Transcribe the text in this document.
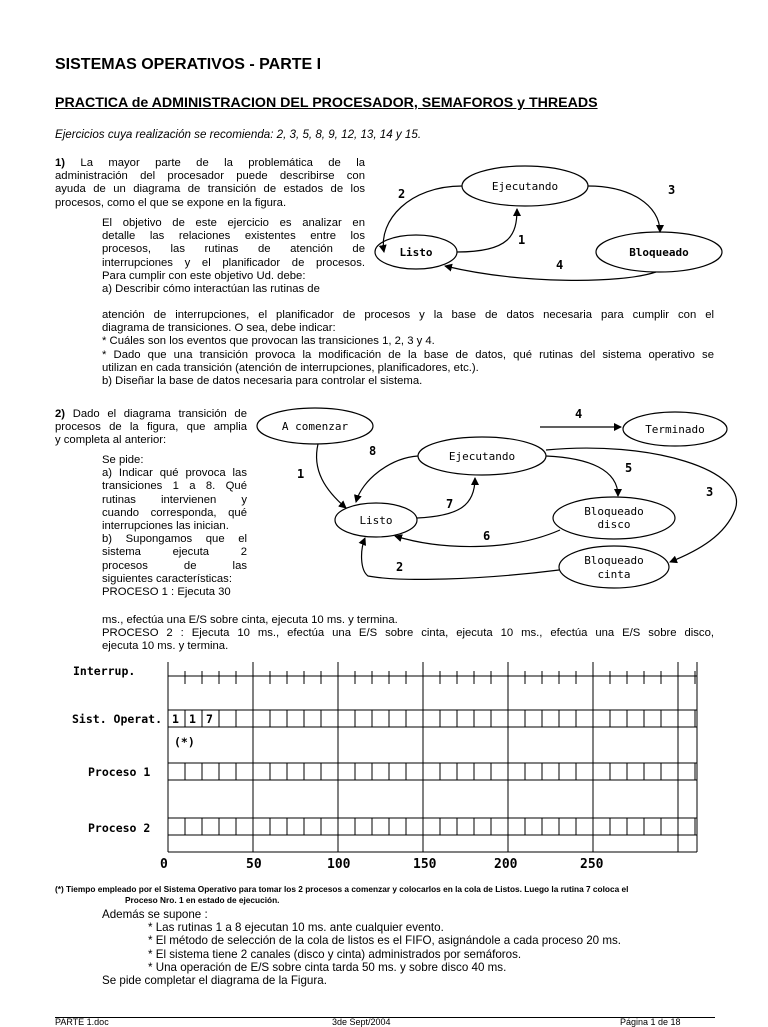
SISTEMAS OPERATIVOS - PARTE I
PRACTICA de ADMINISTRACION DEL PROCESADOR, SEMAFOROS y THREADS
Ejercicios cuya realización se recomienda: 2, 3, 5, 8, 9, 12, 13, 14 y 15.
1) La mayor parte de la problemática de la
administración del procesador puede describirse con
ayuda de un diagrama de transición de estados de los
procesos, como el que se expone en la figura.
El objetivo de este ejercicio es analizar en
detalle las relaciones existentes entre los
procesos, las rutinas de atención de
interrupciones y el planificador de procesos.
Para cumplir con este objetivo Ud. debe:
a) Describir cómo interactúan las rutinas de
atención de interrupciones, el planificador de procesos y la base de datos necesaria para cumplir con el
diagrama de transiciones. O sea, debe indicar:
* Cuáles son los eventos que provocan las transiciones 1, 2, 3 y 4.
* Dado que una transición provoca la modificación de la base de datos, qué rutinas del sistema operativo se
utilizan en cada transición (atención de interrupciones, planificadores, etc.).
b) Diseñar la base de datos necesaria para controlar el sistema.
Ejecutando
Listo	Bloqueado
2	3
1
4
A comenzar	Terminado
Ejecutando
Listo
Bloqueado
disco
Bloqueado
cinta
4
8
5
1
3
7
6
2
Interrup.
Sist. Operat.
Proceso 1
Proceso 2
1 1 7
(*)
0	50	100	150	200	250
2) Dado el diagrama transición de
procesos de la figura, que amplia
y completa al anterior:
Se pide:
a) Indicar qué provoca las
transiciones 1 a 8. Qué
rutinas intervienen y
cuando corresponda, qué
interrupciones las inician.
b) Supongamos que el
sistema ejecuta 2
procesos de las
siguientes características:
PROCESO 1 : Ejecuta 30
ms., efectúa una E/S sobre cinta, ejecuta 10 ms. y termina.
PROCESO 2 : Ejecuta 10 ms., efectúa una E/S sobre cinta, ejecuta 10 ms., efectúa una E/S sobre disco,
ejecuta 10 ms. y termina.
(*) Tiempo empleado por el Sistema Operativo para tomar los 2 procesos a comenzar y colocarlos en la cola de Listos. Luego la rutina 7 coloca el
Proceso Nro. 1 en estado de ejecución.
Además se supone :
* Las rutinas 1 a 8 ejecutan 10 ms. ante cualquier evento.
* El método de selección de la cola de listos es el FIFO, asignándole a cada proceso 20 ms.
* El sistema tiene 2 canales (disco y cinta) administrados por semáforos.
* Una operación de E/S sobre cinta tarda 50 ms. y sobre disco 40 ms.
Se pide completar el diagrama de la Figura.
PARTE 1.doc	3de Sept/2004	Página 1 de 18
